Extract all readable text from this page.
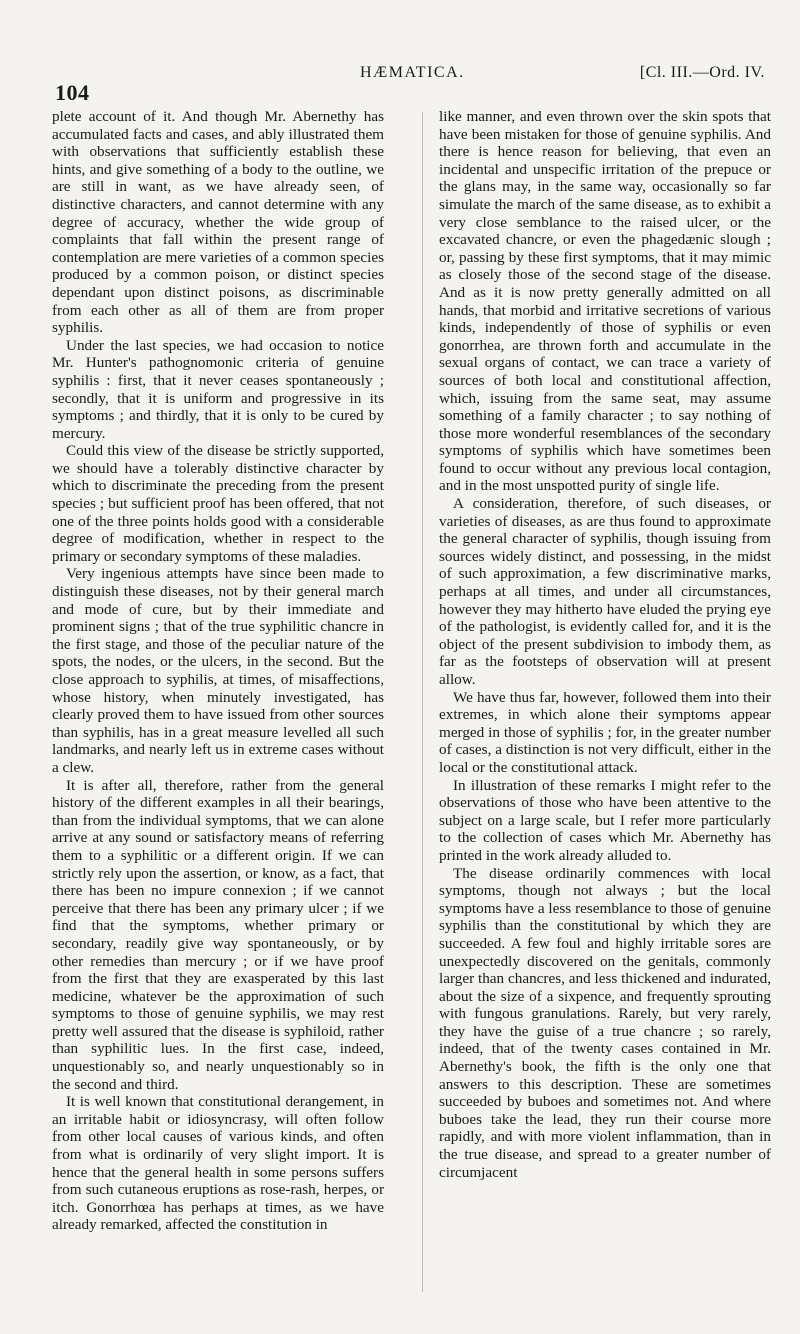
104
HÆMATICA.	[Cl. III.—Ord. IV.

plete account of it. And though Mr. Abernethy has accumulated facts and cases, and ably illustrated them with observations that sufficiently establish these hints, and give something of a body to the outline, we are still in want, as we have already seen, of distinctive characters, and cannot determine with any degree of accuracy, whether the wide group of complaints that fall within the present range of contemplation are mere varieties of a common species produced by a common poison, or distinct species dependant upon distinct poisons, as discriminable from each other as all of them are from proper syphilis.

Under the last species, we had occasion to notice Mr. Hunter's pathognomonic criteria of genuine syphilis : first, that it never ceases spontaneously ; secondly, that it is uniform and progressive in its symptoms ; and thirdly, that it is only to be cured by mercury.

Could this view of the disease be strictly supported, we should have a tolerably distinctive character by which to discriminate the preceding from the present species ; but sufficient proof has been offered, that not one of the three points holds good with a considerable degree of modification, whether in respect to the primary or secondary symptoms of these maladies.

Very ingenious attempts have since been made to distinguish these diseases, not by their general march and mode of cure, but by their immediate and prominent signs ; that of the true syphilitic chancre in the first stage, and those of the peculiar nature of the spots, the nodes, or the ulcers, in the second. But the close approach to syphilis, at times, of misaffections, whose history, when minutely investigated, has clearly proved them to have issued from other sources than syphilis, has in a great measure levelled all such landmarks, and nearly left us in extreme cases without a clew.

It is after all, therefore, rather from the general history of the different examples in all their bearings, than from the individual symptoms, that we can alone arrive at any sound or satisfactory means of referring them to a syphilitic or a different origin. If we can strictly rely upon the assertion, or know, as a fact, that there has been no impure connexion ; if we cannot perceive that there has been any primary ulcer ; if we find that the symptoms, whether primary or secondary, readily give way spontaneously, or by other remedies than mercury ; or if we have proof from the first that they are exasperated by this last medicine, whatever be the approximation of such symptoms to those of genuine syphilis, we may rest pretty well assured that the disease is syphiloid, rather than syphilitic lues. In the first case, indeed, unquestionably so, and nearly unquestionably so in the second and third.

It is well known that constitutional derangement, in an irritable habit or idiosyncrasy, will often follow from other local causes of various kinds, and often from what is ordinarily of very slight import. It is hence that the general health in some persons suffers from such cutaneous eruptions as rose-rash, herpes, or itch. Gonorrhœa has perhaps at times, as we have already remarked, affected the constitution in

like manner, and even thrown over the skin spots that have been mistaken for those of genuine syphilis. And there is hence reason for believing, that even an incidental and unspecific irritation of the prepuce or the glans may, in the same way, occasionally so far simulate the march of the same disease, as to exhibit a very close semblance to the raised ulcer, or the excavated chancre, or even the phagedænic slough ; or, passing by these first symptoms, that it may mimic as closely those of the second stage of the disease. And as it is now pretty generally admitted on all hands, that morbid and irritative secretions of various kinds, independently of those of syphilis or even gonorrhea, are thrown forth and accumulate in the sexual organs of contact, we can trace a variety of sources of both local and constitutional affection, which, issuing from the same seat, may assume something of a family character ; to say nothing of those more wonderful resemblances of the secondary symptoms of syphilis which have sometimes been found to occur without any previous local contagion, and in the most unspotted purity of single life.

A consideration, therefore, of such diseases, or varieties of diseases, as are thus found to approximate the general character of syphilis, though issuing from sources widely distinct, and possessing, in the midst of such approximation, a few discriminative marks, perhaps at all times, and under all circumstances, however they may hitherto have eluded the prying eye of the pathologist, is evidently called for, and it is the object of the present subdivision to imbody them, as far as the footsteps of observation will at present allow.

We have thus far, however, followed them into their extremes, in which alone their symptoms appear merged in those of syphilis ; for, in the greater number of cases, a distinction is not very difficult, either in the local or the constitutional attack.

In illustration of these remarks I might refer to the observations of those who have been attentive to the subject on a large scale, but I refer more particularly to the collection of cases which Mr. Abernethy has printed in the work already alluded to.

The disease ordinarily commences with local symptoms, though not always ; but the local symptoms have a less resemblance to those of genuine syphilis than the constitutional by which they are succeeded. A few foul and highly irritable sores are unexpectedly discovered on the genitals, commonly larger than chancres, and less thickened and indurated, about the size of a sixpence, and frequently sprouting with fungous granulations. Rarely, but very rarely, they have the guise of a true chancre ; so rarely, indeed, that of the twenty cases contained in Mr. Abernethy's book, the fifth is the only one that answers to this description. These are sometimes succeeded by buboes and sometimes not. And where buboes take the lead, they run their course more rapidly, and with more violent inflammation, than in the true disease, and spread to a greater number of circumjacent
